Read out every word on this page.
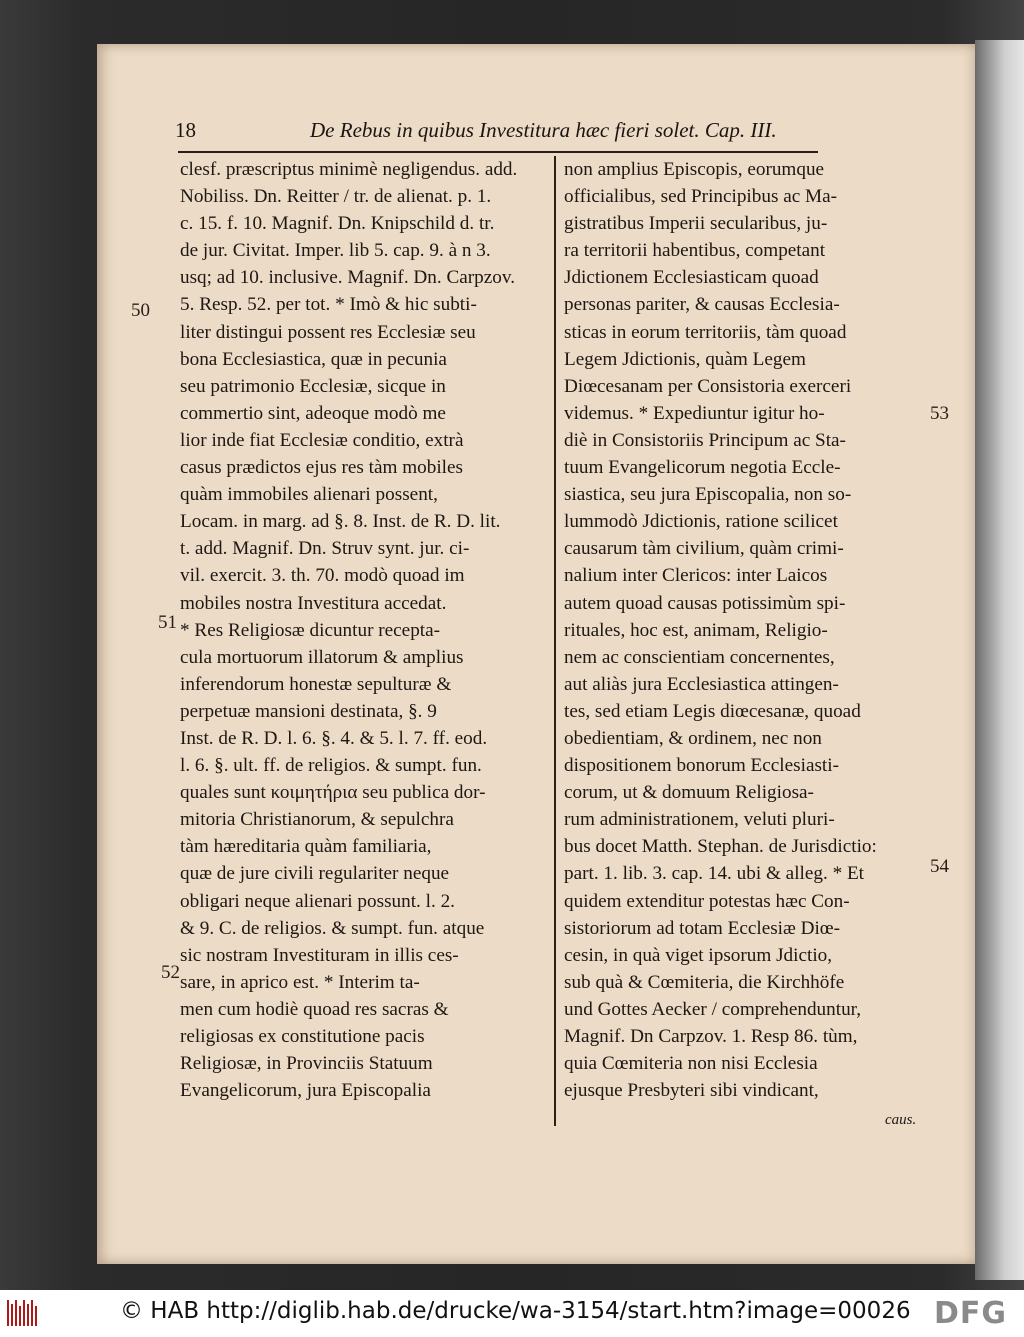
18	De Rebus in quibus Investitura hæc fieri solet. Cap. III.
clesf. præscriptus minimè negligendus. add.
Nobiliss. Dn. Reitter / tr. de alienat. p. 1.
c. 15. f. 10. Magnif. Dn. Knipschild d. tr.
de jur. Civitat. Imper. lib 5. cap. 9. à n 3.
usq; ad 10. inclusive. Magnif. Dn. Carpzov.
5. Resp. 52. per tot. * Imò & hic subti-
liter distingui possent res Ecclesiæ seu
bona Ecclesiastica, quæ in pecunia
seu patrimonio Ecclesiæ, sicque in
commertio sint, adeoque modò me
lior inde fiat Ecclesiæ conditio, extrà
casus prædictos ejus res tàm mobiles
quàm immobiles alienari possent,
Locam. in marg. ad §. 8. Inst. de R. D. lit.
t. add. Magnif. Dn. Struv synt. jur. ci-
vil. exercit. 3. th. 70. modò quoad im
mobiles nostra Investitura accedat.
* Res Religiosæ dicuntur recepta-
cula mortuorum illatorum & amplius
inferendorum honestæ sepulturæ &
perpetuæ mansioni destinata, §. 9
Inst. de R. D. l. 6. §. 4. & 5. l. 7. ff. eod.
l. 6. §. ult. ff. de religios. & sumpt. fun.
quales sunt κοιμητήρια seu publica dor-
mitoria Christianorum, & sepulchra
tàm hæreditaria quàm familiaria,
quæ de jure civili regulariter neque
obligari neque alienari possunt. l. 2.
& 9. C. de religios. & sumpt. fun. atque
sic nostram Investituram in illis ces-
sare, in aprico est. * Interim ta-
men cum hodiè quoad res sacras &
religiosas ex constitutione pacis
Religiosæ, in Provinciis Statuum
Evangelicorum, jura Episcopalia
non amplius Episcopis, eorumque
officialibus, sed Principibus ac Ma-
gistratibus Imperii secularibus, ju-
ra territorii habentibus, competant
Jdictionem Ecclesiasticam quoad
personas pariter, & causas Ecclesia-
sticas in eorum territoriis, tàm quoad
Legem Jdictionis, quàm Legem
Diœcesanam per Consistoria exerceri
videmus. * Expediuntur igitur ho-
diè in Consistoriis Principum ac Sta-
tuum Evangelicorum negotia Eccle-
siastica, seu jura Episcopalia, non so-
lummodò Jdictionis, ratione scilicet
causarum tàm civilium, quàm crimi-
nalium inter Clericos: inter Laicos
autem quoad causas potissimùm spi-
rituales, hoc est, animam, Religio-
nem ac conscientiam concernentes,
aut aliàs jura Ecclesiastica attingen-
tes, sed etiam Legis diœcesanæ, quoad
obedientiam, & ordinem, nec non
dispositionem bonorum Ecclesiasti-
corum, ut & domuum Religiosa-
rum administrationem, veluti pluri-
bus docet Matth. Stephan. de Jurisdictio:
part. 1. lib. 3. cap. 14. ubi & alleg. * Et
quidem extenditur potestas hæc Con-
sistoriorum ad totam Ecclesiæ Diœ-
cesin, in quà viget ipsorum Jdictio,
sub quà & Cœmiteria, die Kirchhöfe
und Gottes Aecker / comprehenduntur,
Magnif. Dn Carpzov. 1. Resp 86. tùm,
quia Cœmiteria non nisi Ecclesia
ejusque Presbyteri sibi vindicant,
50
51
52
53
54
caus.
© HAB http://diglib.hab.de/drucke/wa-3154/start.htm?image=00026 DFG
